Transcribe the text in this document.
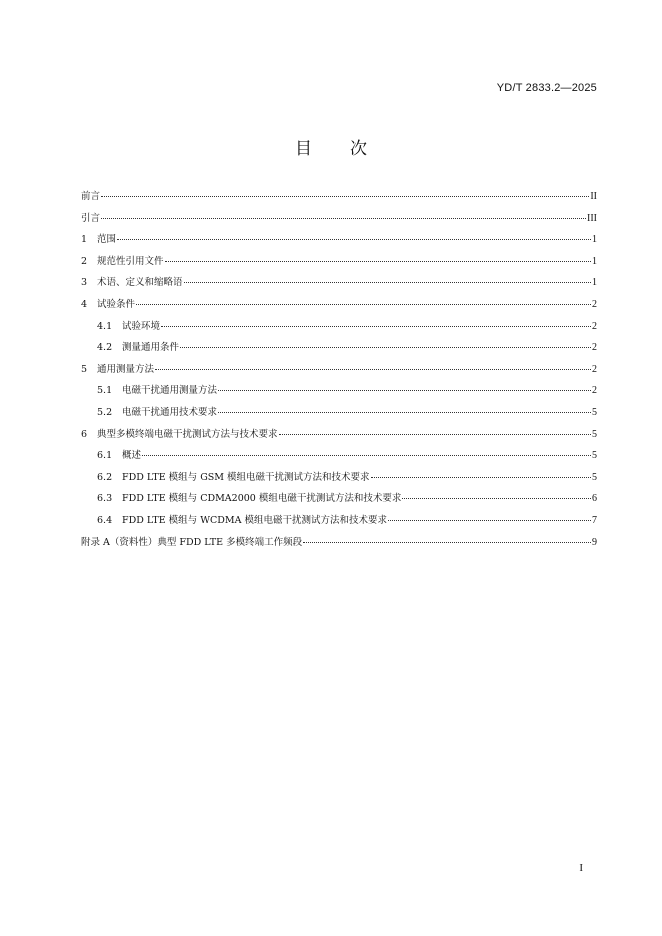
YD/T 2833.2—2025
目次
前言	II
引言	III
1	范围	1
2	规范性引用文件	1
3	术语、定义和缩略语	1
4	试验条件	2
4.1	试验环境	2
4.2	测量通用条件	2
5	通用测量方法	2
5.1	电磁干扰通用测量方法	2
5.2	电磁干扰通用技术要求	5
6	典型多模终端电磁干扰测试方法与技术要求	5
6.1	概述	5
6.2	FDD LTE 模组与 GSM 模组电磁干扰测试方法和技术要求	5
6.3	FDD LTE 模组与 CDMA2000 模组电磁干扰测试方法和技术要求	6
6.4	FDD LTE 模组与 WCDMA 模组电磁干扰测试方法和技术要求	7
附录 A（资料性）典型 FDD LTE 多模终端工作频段	9
I
